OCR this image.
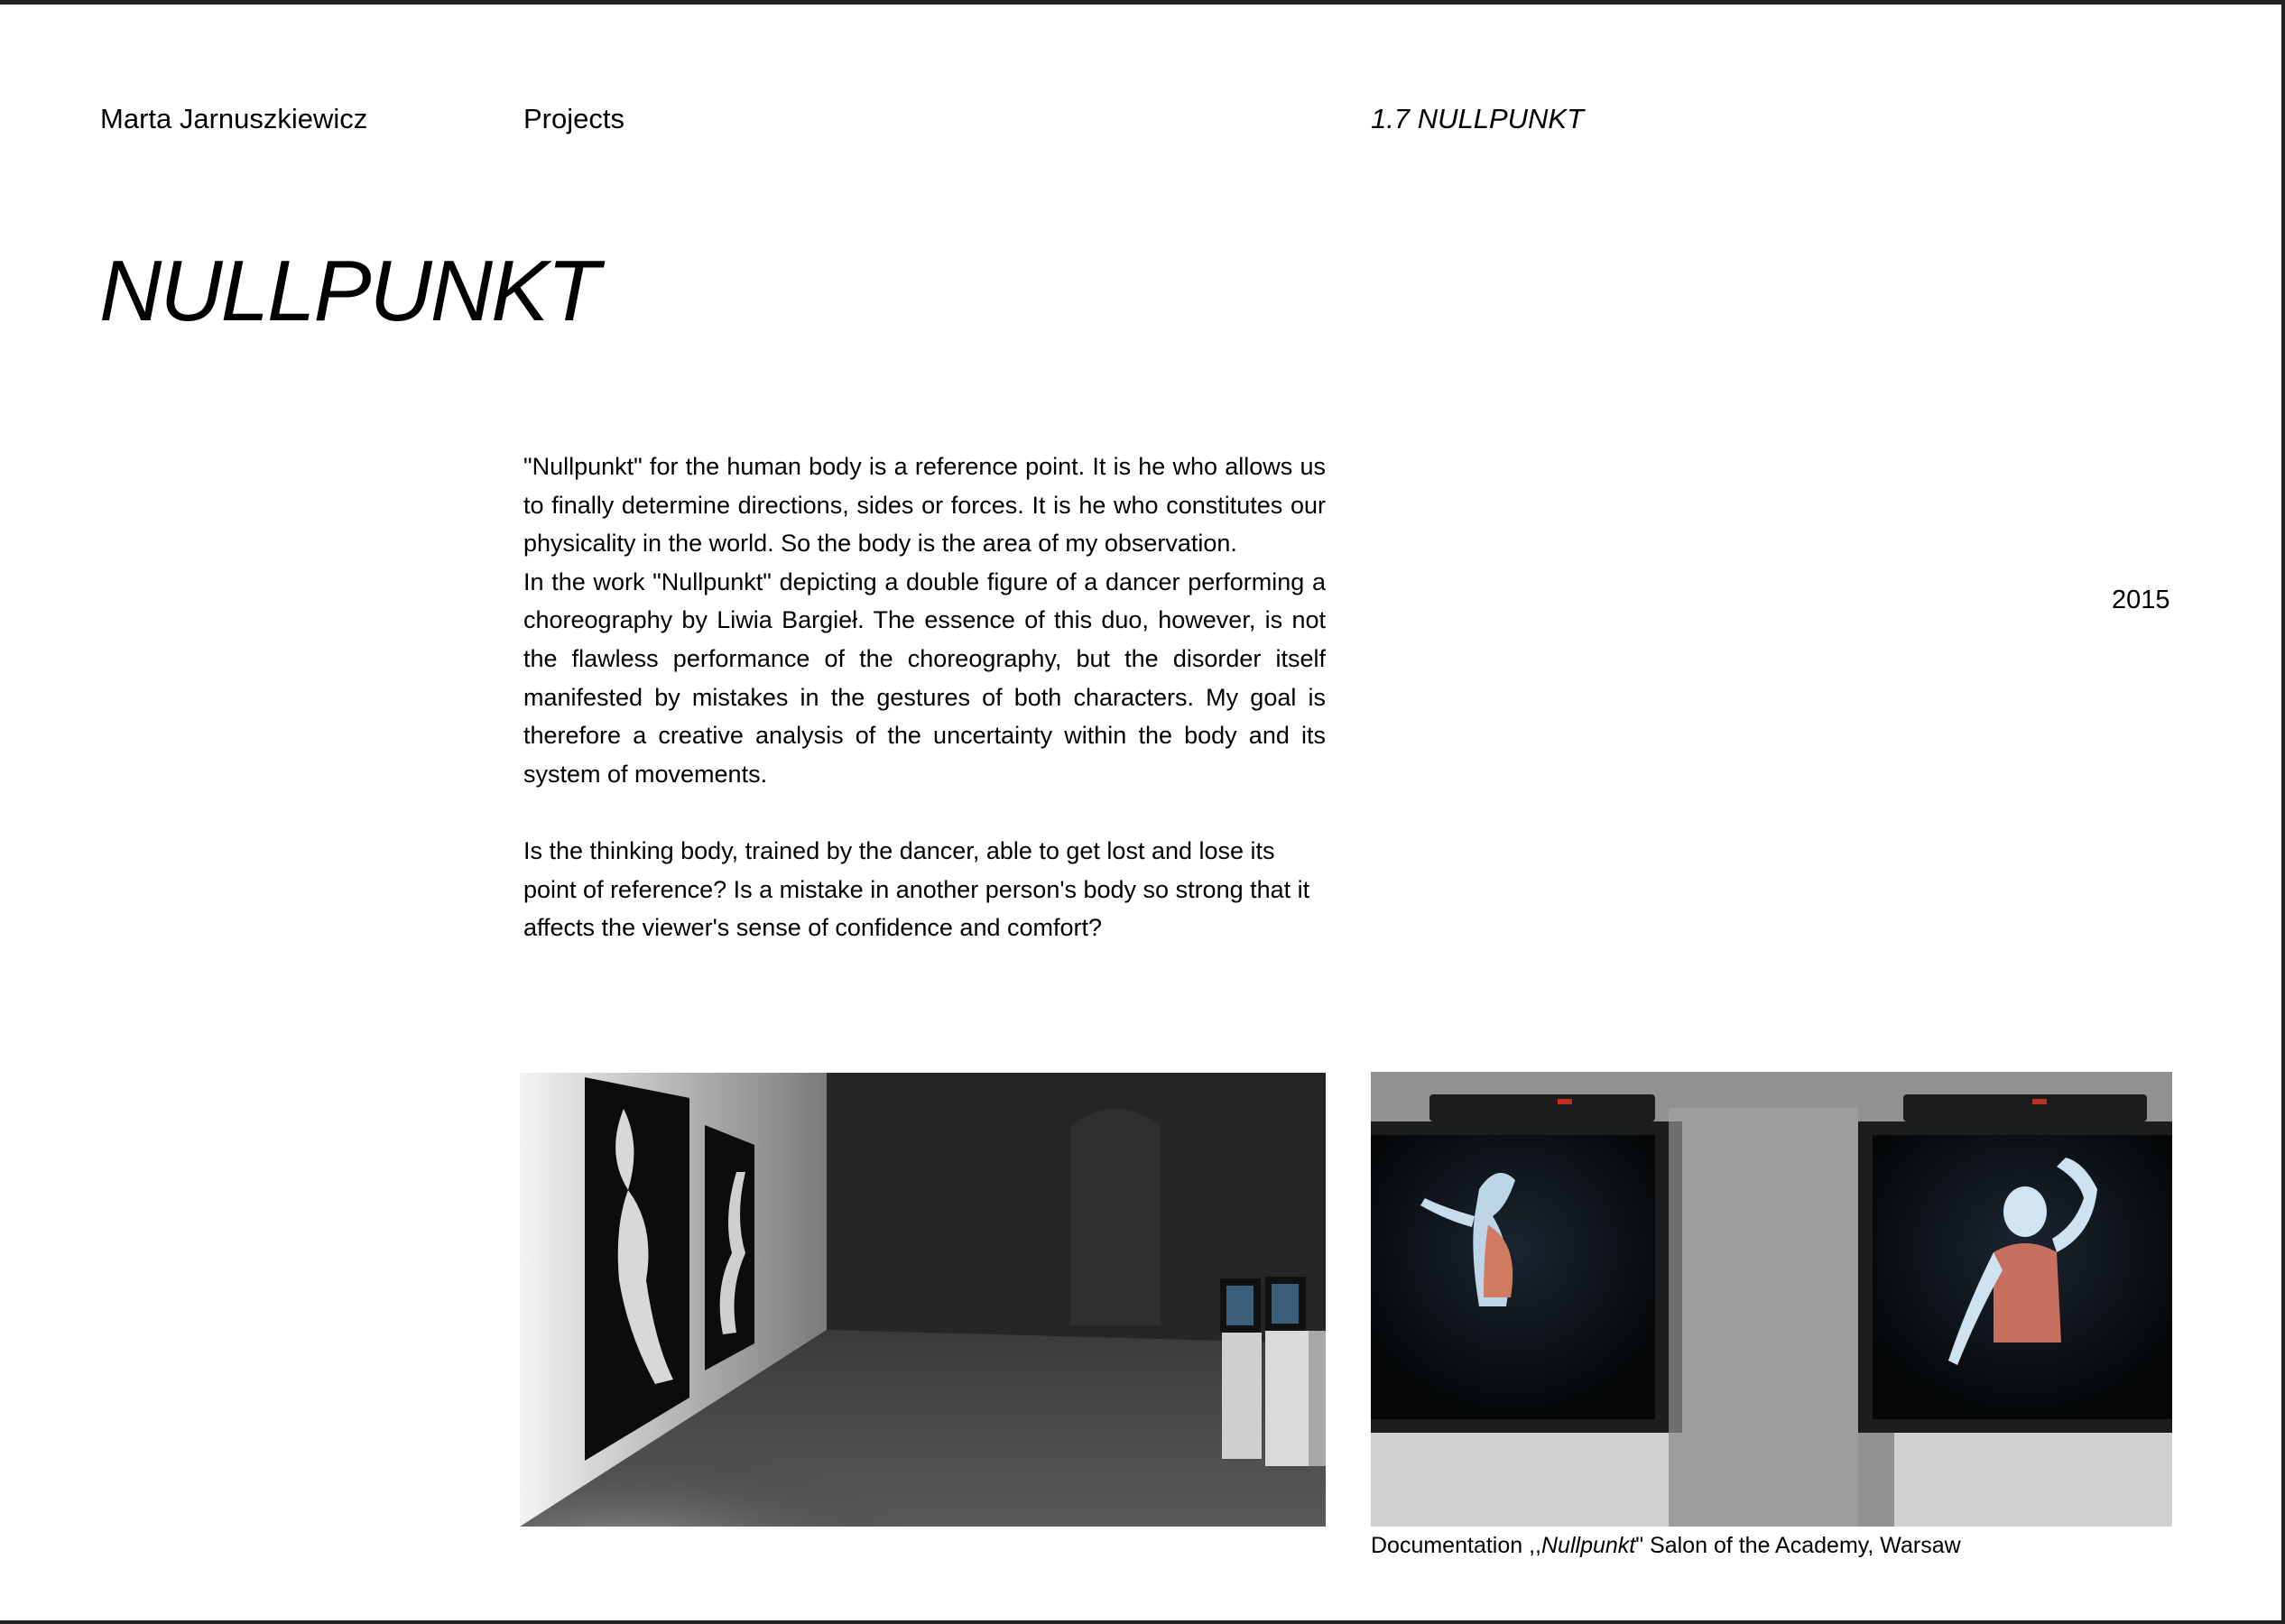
Marta Jarnuszkiewicz	Projects	1.7 NULLPUNKT
NULLPUNKT

"Nullpunkt" for the human body is a reference point. It is he who allows us to finally determine directions, sides or forces. It is he who constitutes our physicality in the world. So the body is the area of my observation.

In the work "Nullpunkt" depicting a double figure of a dancer performing a choreography by Liwia Bargieł. The essence of this duo, however, is not the flawless performance of the choreography, but the disorder itself manifested by mistakes in the gestures of both characters. My goal is therefore a creative analysis of the uncertainty within the body and its system of movements.

Is the thinking body, trained by the dancer, able to get lost and lose its point of reference? Is a mistake in another person's body so strong that it affects the viewer's sense of confidence and comfort?

2015
Documentation ,,Nullpunkt" Salon of the Academy, Warsaw
